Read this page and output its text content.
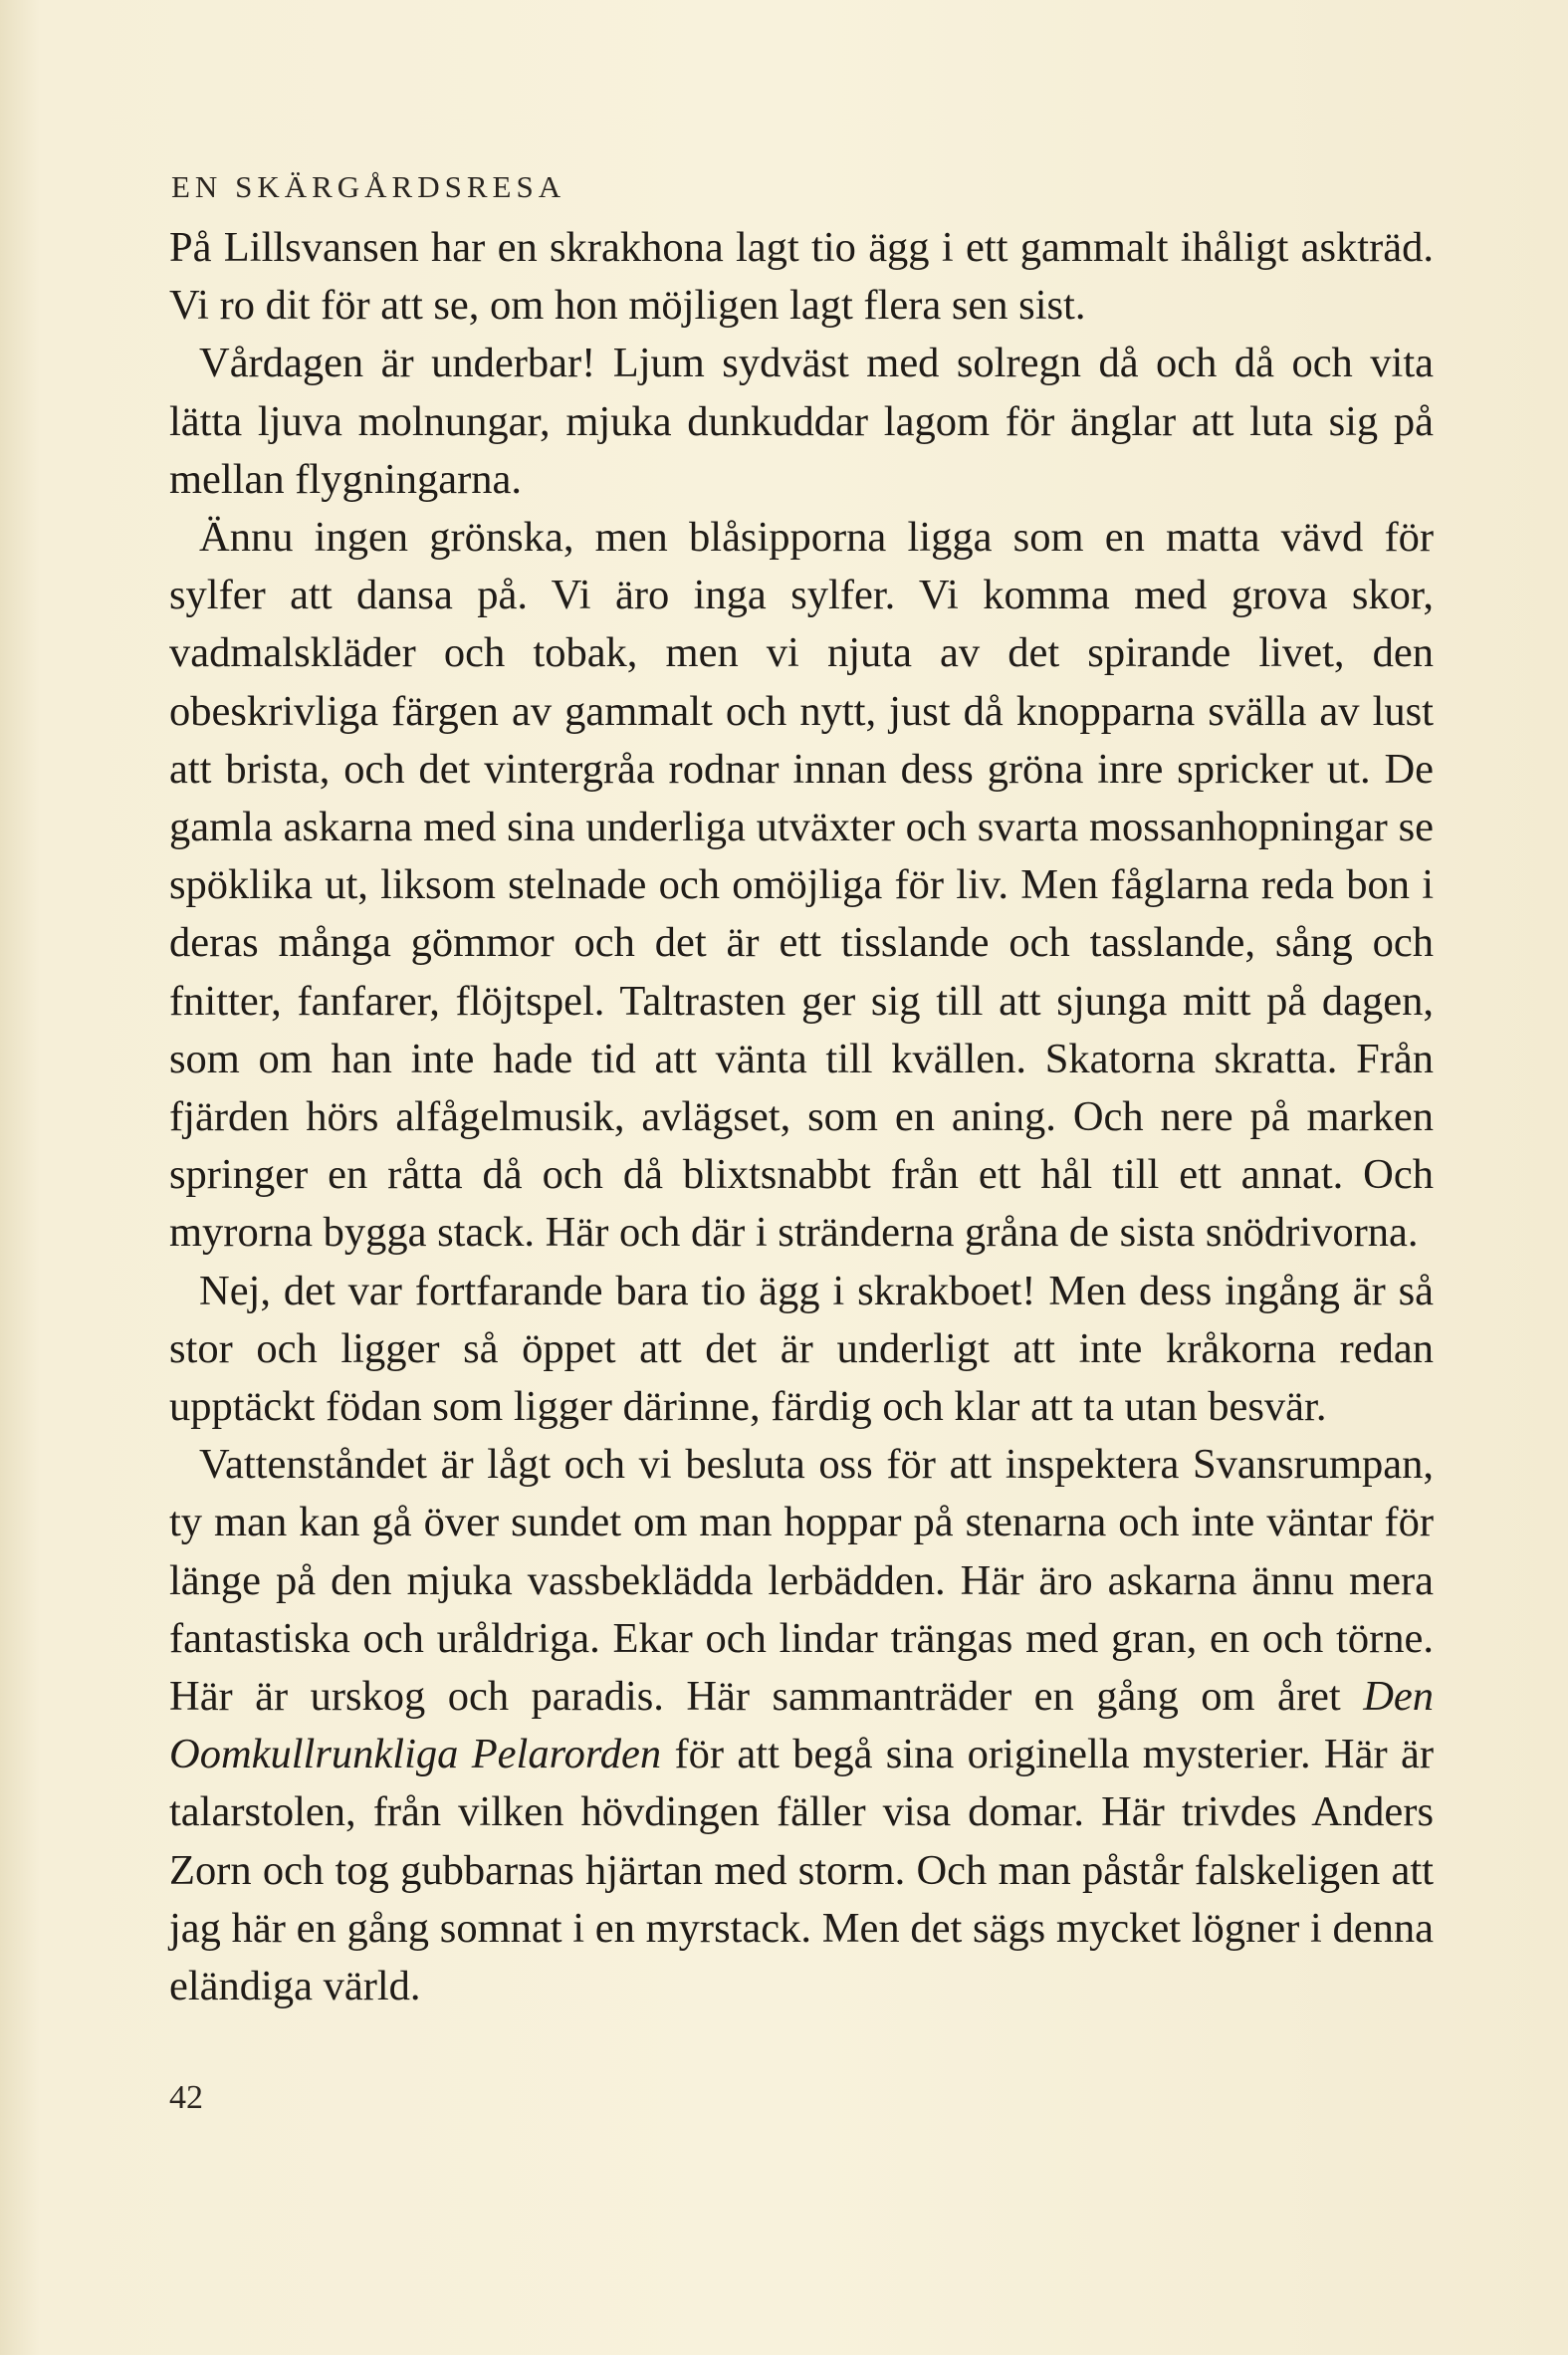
EN SKÄRGÅRDSRESA

På Lillsvansen har en skrakhona lagt tio ägg i ett gammalt ihåligt askträd. Vi ro dit för att se, om hon möjligen lagt flera sen sist.

Vårdagen är underbar! Ljum sydväst med solregn då och då och vita lätta ljuva molnungar, mjuka dunkuddar lagom för änglar att luta sig på mellan flygningarna.

Ännu ingen grönska, men blåsipporna ligga som en matta vävd för sylfer att dansa på. Vi äro inga sylfer. Vi komma med grova skor, vadmalskläder och tobak, men vi njuta av det spirande livet, den obeskrivliga färgen av gammalt och nytt, just då knopparna svälla av lust att brista, och det vintergråa rodnar innan dess gröna inre spricker ut. De gamla askarna med sina underliga utväxter och svarta mossanhopningar se spöklika ut, liksom stelnade och omöjliga för liv. Men fåglarna reda bon i deras många gömmor och det är ett tisslande och tasslande, sång och fnitter, fanfarer, flöjtspel. Taltrasten ger sig till att sjunga mitt på dagen, som om han inte hade tid att vänta till kvällen. Skatorna skratta. Från fjärden hörs alfågelmusik, avlägset, som en aning. Och nere på marken springer en råtta då och då blixtsnabbt från ett hål till ett annat. Och myrorna bygga stack. Här och där i stränderna gråna de sista snödrivorna.

Nej, det var fortfarande bara tio ägg i skrakboet! Men dess ingång är så stor och ligger så öppet att det är underligt att inte kråkorna redan upptäckt födan som ligger därinne, färdig och klar att ta utan besvär.

Vattenståndet är lågt och vi besluta oss för att inspektera Svansrumpan, ty man kan gå över sundet om man hoppar på stenarna och inte väntar för länge på den mjuka vassbeklädda lerbädden. Här äro askarna ännu mera fantastiska och uråldriga. Ekar och lindar trängas med gran, en och törne. Här är urskog och paradis. Här sammanträder en gång om året Den Oomkullrunkliga Pelarorden för att begå sina originella mysterier. Här är talarstolen, från vilken hövdingen fäller visa domar. Här trivdes Anders Zorn och tog gubbarnas hjärtan med storm. Och man påstår falskeligen att jag här en gång somnat i en myrstack. Men det sägs mycket lögner i denna eländiga värld.

42
